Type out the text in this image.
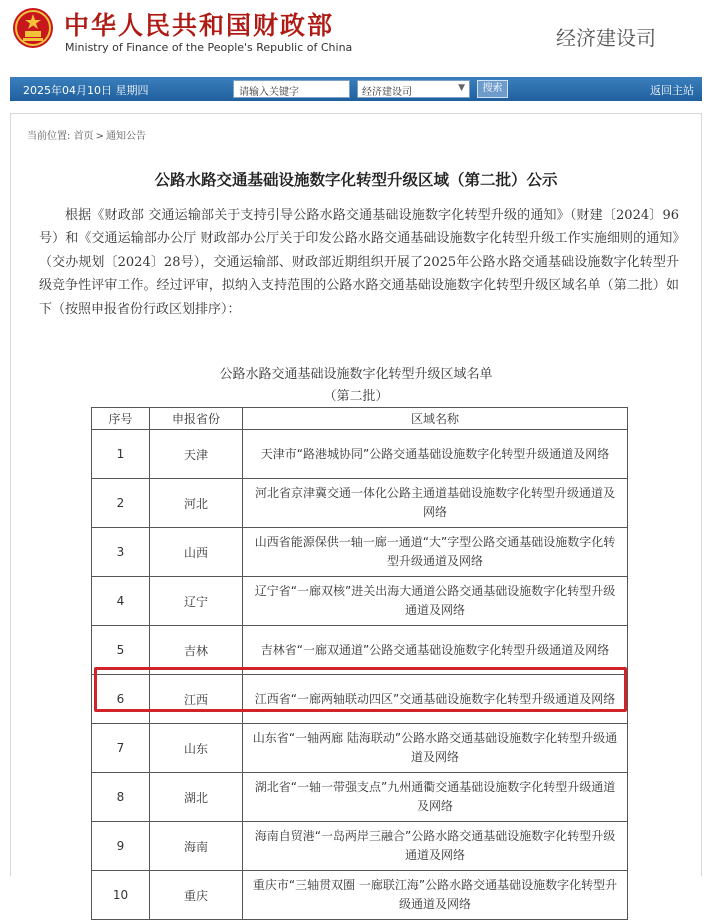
中华人民共和国财政部
Ministry of Finance of the People's Republic of China	经济建设司
2025年04月10日 星期四	请输入关键字	经济建设司	▼	搜索	返回主站
当前位置: 首页 > 通知公告
公路水路交通基础设施数字化转型升级区域（第二批）公示
根据《财政部 交通运输部关于支持引导公路水路交通基础设施数字化转型升级的通知》（财建〔2024〕96号）和《交通运输部办公厅 财政部办公厅关于印发公路水路交通基础设施数字化转型升级工作实施细则的通知》（交办规划〔2024〕28号），交通运输部、财政部近期组织开展了2025年公路水路交通基础设施数字化转型升级竞争性评审工作。经过评审，拟纳入支持范围的公路水路交通基础设施数字化转型升级区域名单（第二批）如下（按照申报省份行政区划排序）：
公路水路交通基础设施数字化转型升级区域名单
（第二批）
序号	申报省份	区域名称
1	天津	天津市“路港城协同”公路交通基础设施数字化转型升级通道及网络
2	河北	河北省京津冀交通一体化公路主通道基础设施数字化转型升级通道及网络
3	山西	山西省能源保供一轴一廊一通道“大”字型公路交通基础设施数字化转型升级通道及网络
4	辽宁	辽宁省“一廊双核”进关出海大通道公路交通基础设施数字化转型升级通道及网络
5	吉林	吉林省“一廊双通道”公路交通基础设施数字化转型升级通道及网络
6	江西	江西省“一廊两轴联动四区”交通基础设施数字化转型升级通道及网络
7	山东	山东省“一轴两廊 陆海联动”公路水路交通基础设施数字化转型升级通道及网络
8	湖北	湖北省“一轴一带强支点”九州通衢交通基础设施数字化转型升级通道及网络
9	海南	海南自贸港“一岛两岸三融合”公路水路交通基础设施数字化转型升级通道及网络
10	重庆	重庆市“三轴贯双圈 一廊联江海”公路水路交通基础设施数字化转型升级通道及网络
